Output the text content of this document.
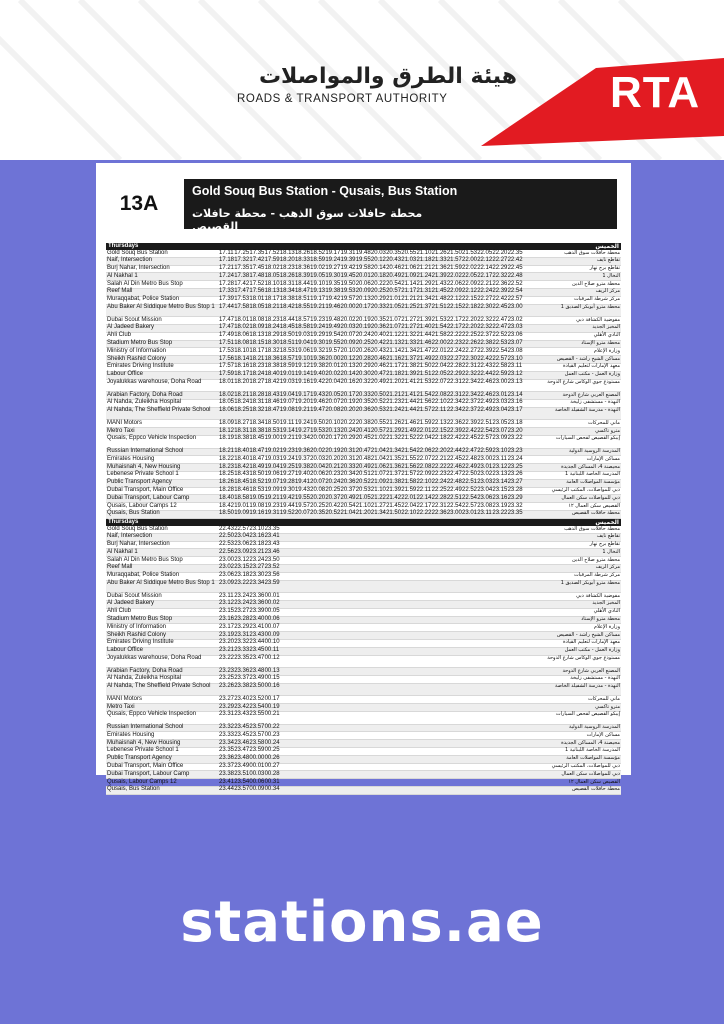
هيئة الطرق والمواصلات
ROADS & TRANSPORT AUTHORITY	RTA
13A
Gold Souq Bus Station - Qusais, Bus Station
محطة حافلات سوق الذهب - محطة حافلات القصيص
Thursdays	الخميس
Gold Souq Bus Station	17.1117.2517.3517.5218.1318.2618.5219.1719.3119.4820.0320.3520.5521.1021.2621.5021.5322.0522.2022.35	محطة حافلات سوق الذهب
Naif, Intersection	17.1817.3217.4217.5918.2018.3318.5919.2419.3919.5520.1220.4321.0321.1821.3321.5722.0022.1222.2722.42	تقاطع نايف
Burj Nahar, Intersection	17.2117.3517.4518.0218.2318.3619.0219.2719.4219.5820.1420.4621.0621.2121.3621.5922.0222.1422.2922.45	تقاطع برج نهار
Al Nakhal 1	17.2417.3817.4818.0518.2618.3919.0519.3019.4520.0120.1820.4921.0921.2421.3922.0222.0522.1722.3222.48	النخال 1
Salah Al Din Metro Bus Stop	17.2817.4217.5218.1018.3118.4419.1019.3519.5020.0620.2220.5421.1421.2921.4322.0622.0922.2122.3622.52	محطة مترو صلاح الدين
Reef Mall	17.3317.4717.5618.1318.3418.4719.1319.3819.5320.0920.2520.5721.1721.3121.4522.0922.1222.2422.3922.54	مركز الريف
Muraqqabat, Police Station	17.3917.5318.0118.1718.3818.5119.1719.4219.5720.1320.2921.0121.2121.3421.4822.1222.1522.2722.4222.57	مركز شرطة المرقبات
Abu Baker Al Siddique Metro Bus Stop 1 17.4417.5818.0518.2118.4218.5519.2119.4620.0020.1720.3321.0521.2521.3721.5122.1522.1822.3022.4523.00	محطة مترو أبوبكر الصديق 1
Dubai Scout Mission	17.4718.0118.0818.2318.4418.5719.2319.4820.0220.1920.3521.0721.2721.3921.5322.1722.2022.3222.4723.02	مفوضية الكشافة دبي
Al Jadeed Bakery	17.4718.0218.0918.2418.4518.5819.2419.4920.0320.1920.3621.0721.2721.4021.5422.1722.2022.3222.4723.03	المخبز الجديد
Ahli Club	17.4918.0618.1318.2918.5019.0319.2919.5420.0720.2420.4021.1221.3221.4421.5822.2222.2522.3722.5223.06	النادي الأهلي
Stadium Metro Bus Stop	17.5118.0818.1518.3018.5119.0419.3019.5520.0920.2520.4221.1321.3321.4622.0022.2322.2622.3822.5323.07	محطة مترو الإستاد
Ministry of Information	17.5318.1018.1718.3218.5319.0619.3219.5720.1020.2620.4321.1421.3421.4722.0122.2422.2722.3922.5423.08	وزارة الإعلام
Sheikh Rashid Colony	17.5618.1418.2118.3618.5719.1019.3620.0020.1220.2820.4621.1621.3721.4922.0322.2722.3022.4222.5723.10	مساكن الشيخ راشد - القصيص
Emirates Driving Institute	17.5718.1618.2318.3818.5919.1219.3820.0120.1320.2920.4621.1721.3821.5022.0422.2822.3122.4322.5823.11	معهد الإمارات لتعليم القيادة
Labour Office	17.5918.1718.2418.4019.0119.1419.4020.0220.1420.3020.4721.1821.3921.5122.0522.2922.3222.4422.5923.12	وزارة العمل - مكتب العمل
Joyalukkas warehouse, Doha Road	18.0118.2018.2718.4219.0319.1619.4220.0420.1620.3220.4921.2021.4121.5322.0722.3122.3422.4623.0023.13	مستودع جوي الوكاس شارع الدوحة
Arabian Factory, Doha Road	18.0218.2118.2818.4319.0419.1719.4320.0520.1720.3320.5021.2121.4121.5422.0822.3122.3422.4623.0123.14	المصنع العربي شارع الدوحة
Al Nahda, Zuleikha Hospital	18.0518.2418.3118.4619.0719.2019.4620.0720.1920.3520.5221.2321.4421.5622.1022.3422.3722.4923.0323.16	النهدة - مستشفى زليخة
Al Nahda, The Sheffield Private School	18.0618.2518.3218.4719.0819.2119.4720.0820.2020.3620.5321.2421.4421.5722.1122.3422.3722.4923.0423.17	النهدة - مدرسة الشفيلد الخاصة
MANI Motors	18.0918.2718.3418.5019.1119.2419.5020.1020.2220.3820.5521.2621.4621.5922.1322.3622.3922.5123.0523.18	ماني للمحركات
Metro Taxi	18.1218.3118.3818.5319.1419.2719.5320.1320.2420.4120.5721.2921.4922.0122.1522.3922.4222.5423.0723.20	مترو تاكسي
Qusais, Eppco Vehicle Inspection	18.1918.3818.4519.0019.2119.3420.0020.1720.2920.4521.0221.3221.5222.0422.1822.4222.4522.5723.0923.22	إيبكو القصيص لفحص السيارات
Russian International School	18.2118.4018.4719.0219.2319.3620.0220.1920.3120.4721.0421.3421.5422.0622.2022.4422.4722.5923.1023.23	المدرسة الروسية الدولية
Emirates Housing	18.2218.4018.4719.0319.2419.3720.0320.2020.3120.4821.0421.3521.5522.0722.2122.4522.4823.0023.1123.24	مساكن الإمارات
Muhaisnah 4, New Housing	18.2318.4218.4919.0419.2519.3820.0420.2120.3320.4921.0621.3621.5622.0822.2222.4622.4923.0123.1223.25	محيصنة 4، المساكن الجديدة
Lebenese Private School 1	18.2518.4318.5019.0619.2719.4020.0620.2320.3420.5121.0721.3721.5722.0922.2322.4722.5023.0223.1323.26	المدرسة الخاصة اللبنانية 1
Public Transport Agency	18.2618.4518.5219.0719.2819.4120.0720.2420.3620.5221.0921.3821.5822.1022.2422.4822.5123.0323.1423.27	مؤسسة المواصلات العامة
Dubai Transport, Main Office	18.2818.4618.5319.0919.3019.4320.0820.2520.3720.5321.1021.3921.5922.1122.2522.4922.5223.0423.1523.28	دبي للمواصلات، المكتب الرئيسي
Dubai Transport, Labour Camp	18.4018.5819.0519.2119.4219.5520.2020.3720.4921.0521.2221.4222.0122.1422.2822.5122.5423.0623.1623.29	دبي للمواصلات سكن العمال
Qusais, Labour Camps 12	18.4219.0119.0819.2319.4419.5720.2520.4220.5421.1021.2721.4522.0422.1722.3122.5422.5723.0823.1923.32	القصيص سكن العمال ١٢
Qusais, Bus Station	18.5019.0919.1619.3119.5220.0720.3520.5221.0421.2021.3421.5022.1022.2222.3623.0023.0123.1123.2223.35	محطة حافلات القصيص
Thursdays	الخميس
Gold Souq Bus Station	22.4322.5723.1023.35	محطة حافلات سوق الذهب
Naif, Intersection	22.5023.0423.1623.41	تقاطع نايف
Burj Nahar, Intersection	22.5323.0623.1823.43	تقاطع برج نهار
Al Nakhal 1	22.5623.0923.2123.46	النخال 1
Salah Al Din Metro Bus Stop	23.0023.1223.2423.50	محطة مترو صلاح الدين
Reef Mall	23.0223.1523.2723.52	مركز الريف
Muraqqabat, Police Station	23.0623.1823.3023.56	مركز شرطة المرقبات
Abu Baker Al Siddique Metro Bus Stop 1 23.0923.2223.3423.59	محطة مترو أبوبكر الصديق 1
Dubai Scout Mission	23.1123.2423.3600.01	مفوضية الكشافة دبي
Al Jadeed Bakery	23.1223.2423.3600.02	المخبز الجديد
Ahli Club	23.1523.2723.3900.05	النادي الأهلي
Stadium Metro Bus Stop	23.1623.2823.4000.06	محطة مترو الإستاد
Ministry of Information	23.1723.2923.4100.07	وزارة الإعلام
Sheikh Rashid Colony	23.1923.3123.4300.09	مساكن الشيخ راشد - القصيص
Emirates Driving Institute	23.2023.3223.4400.10	معهد الإمارات لتعليم القيادة
Labour Office	23.2123.3323.4500.11	وزارة العمل - مكتب العمل
Joyalukkas warehouse, Doha Road	23.2223.3523.4700.12	مستودع جوي الوكاس شارع الدوحة
Arabian Factory, Doha Road	23.2323.3623.4800.13	المصنع العربي شارع الدوحة
Al Nahda, Zuleikha Hospital	23.2523.3723.4900.15	النهدة - مستشفى زليخة
Al Nahda, The Sheffield Private School	23.2623.3823.5000.16	النهدة - مدرسة الشفيلد الخاصة
MANI Motors	23.2723.4023.5200.17	ماني للمحركات
Metro Taxi	23.2923.4223.5400.19	مترو تاكسي
Qusais, Eppco Vehicle Inspection	23.3123.4323.5500.21	إيبكو القصيص لفحص السيارات
Russian International School	23.3223.4523.5700.22	المدرسة الروسية الدولية
Emirates Housing	23.3323.4523.5700.23	مساكن الإمارات
Muhaisnah 4, New Housing	23.3423.4623.5800.24	محيصنة 4، المساكن الجديدة
Lebenese Private School 1	23.3523.4723.5900.25	المدرسة الخاصة اللبنانية 1
Public Transport Agency	23.3623.4800.0000.26	مؤسسة المواصلات العامة
Dubai Transport, Main Office	23.3723.4900.0100.27	دبي للمواصلات، المكتب الرئيسي
Dubai Transport, Labour Camp	23.3823.5100.0300.28	دبي للمواصلات سكن العمال
Qusais, Labour Camps 12	23.4123.5400.0600.31	القصيص سكن العمال ١٢
Qusais, Bus Station	23.4423.5700.0900.34	محطة حافلات القصيص
stations.ae
